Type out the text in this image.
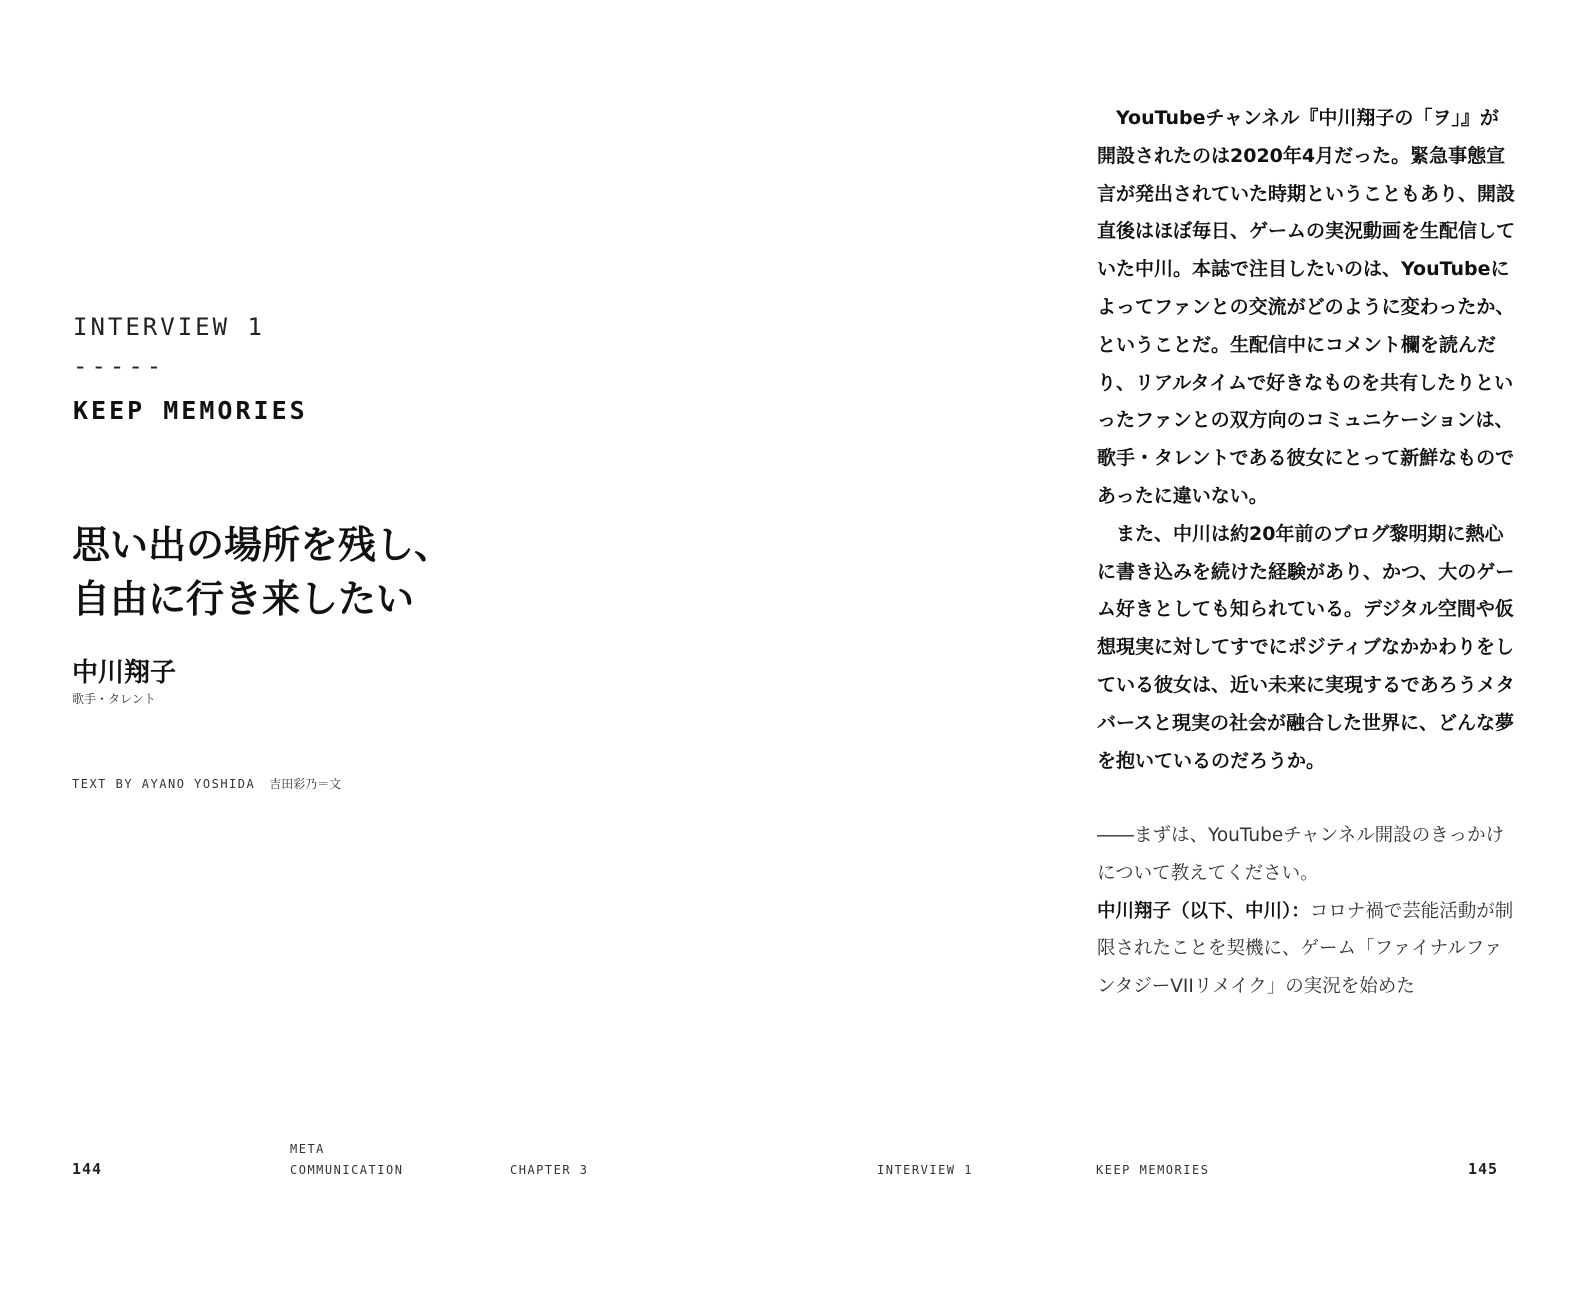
INTERVIEW 1
-----
KEEP MEMORIES
思い出の場所を残し、
自由に行き来したい
中川翔子
歌手・タレント
TEXT BY AYANO YOSHIDA 吉田彩乃＝文

　YouTubeチャンネル『中川翔子の「ヲ」』が開設されたのは2020年4月だった。緊急事態宣言が発出されていた時期ということもあり、開設直後はほぼ毎日、ゲームの実況動画を生配信していた中川。本誌で注目したいのは、YouTubeによってファンとの交流がどのように変わったか、ということだ。生配信中にコメント欄を読んだり、リアルタイムで好きなものを共有したりといったファンとの双方向のコミュニケーションは、歌手・タレントである彼女にとって新鮮なものであったに違いない。

　また、中川は約20年前のブログ黎明期に熱心に書き込みを続けた経験があり、かつ、大のゲーム好きとしても知られている。デジタル空間や仮想現実に対してすでにポジティブなかかわりをしている彼女は、近い未来に実現するであろうメタバースと現実の社会が融合した世界に、どんな夢を抱いているのだろうか。

――まずは、YouTubeチャンネル開設のきっかけについて教えてください。

中川翔子（以下、中川）：コロナ禍で芸能活動が制限されたことを契機に、ゲーム「ファイナルファンタジーVIIリメイク」の実況を始めた

144
META
COMMUNICATION	CHAPTER 3	INTERVIEW 1	KEEP MEMORIES	145
